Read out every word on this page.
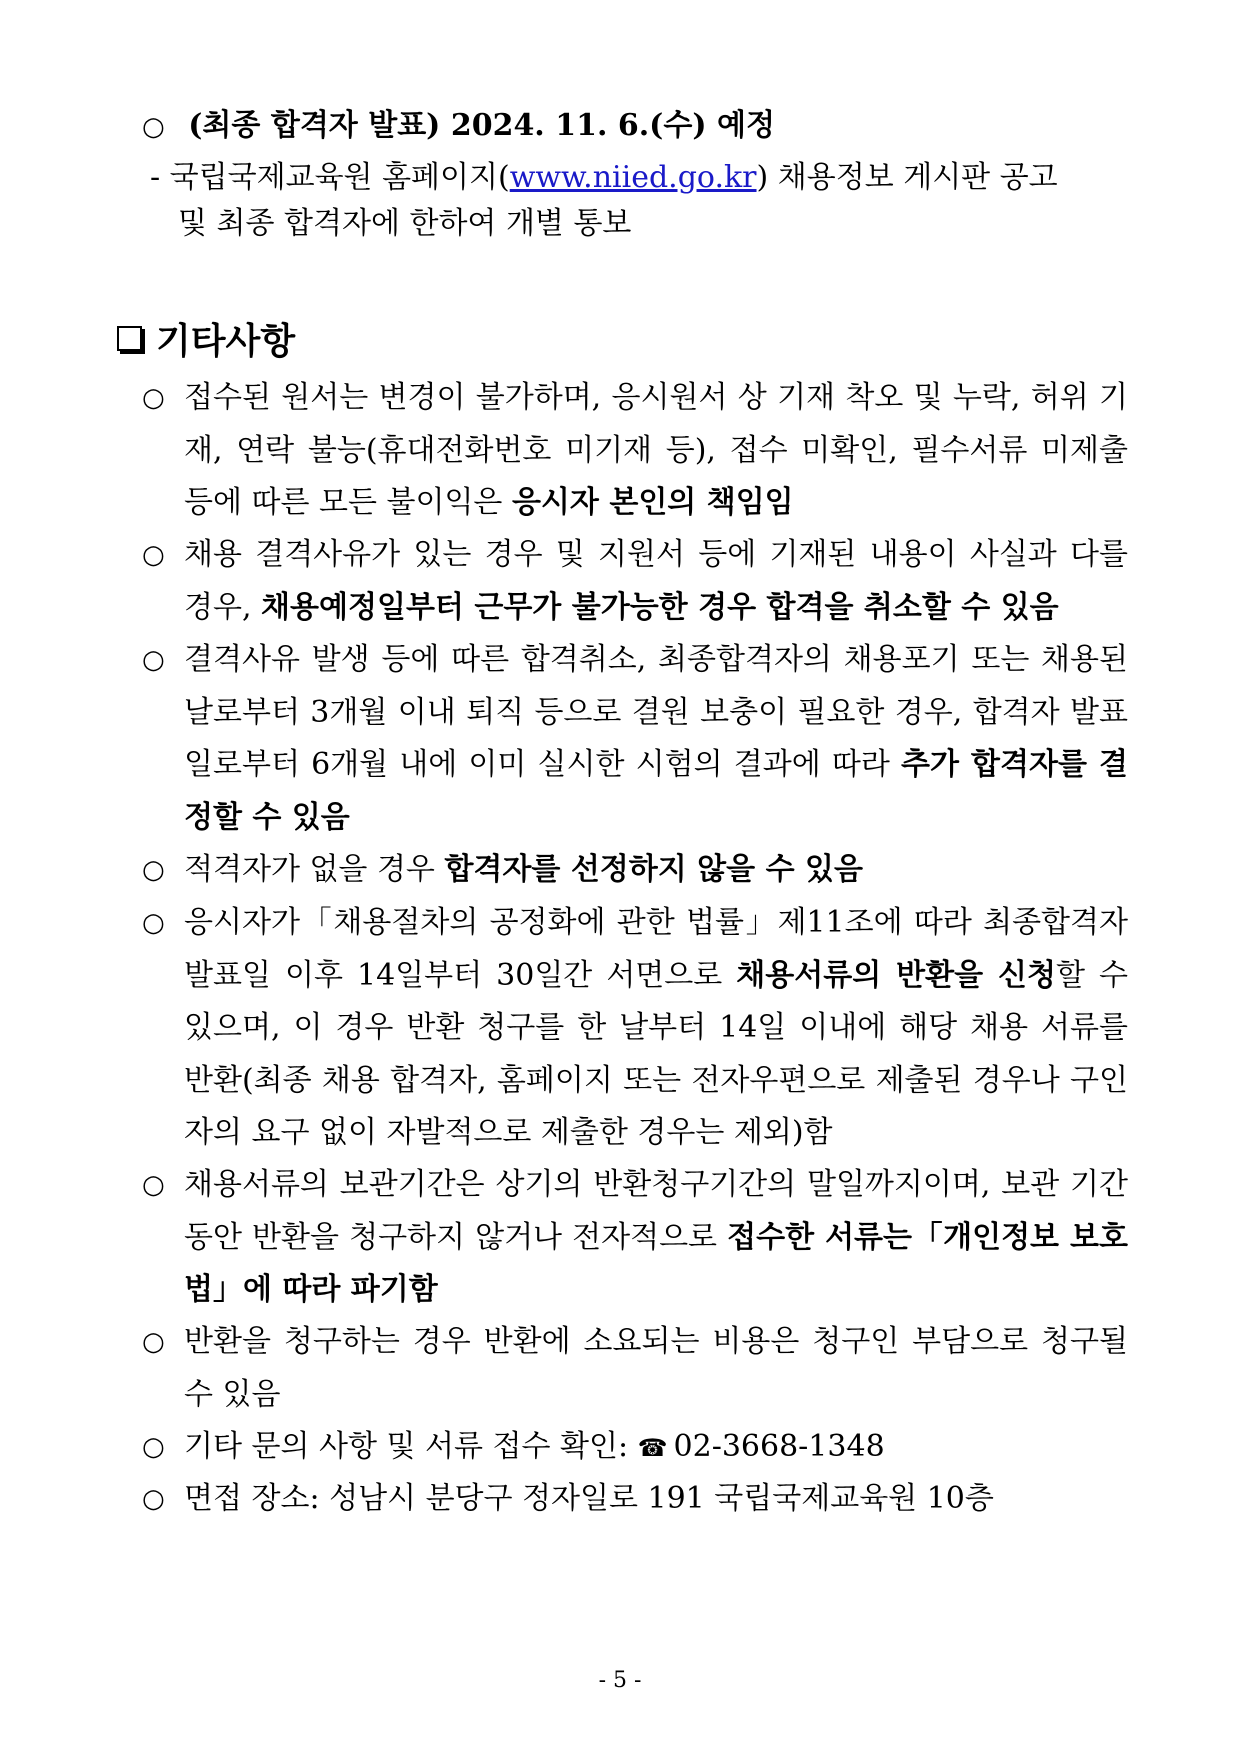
○ (최종 합격자 발표) 2024. 11. 6.(수) 예정
- 국립국제교육원 홈페이지(www.niied.go.kr) 채용정보 게시판 공고
및 최종 합격자에 한하여 개별 통보
기타사항
○ 접수된 원서는 변경이 불가하며, 응시원서 상 기재 착오 및 누락, 허위 기재, 연락 불능(휴대전화번호 미기재 등), 접수 미확인, 필수서류 미제출 등에 따른 모든 불이익은 응시자 본인의 책임임
○ 채용 결격사유가 있는 경우 및 지원서 등에 기재된 내용이 사실과 다를 경우, 채용예정일부터 근무가 불가능한 경우 합격을 취소할 수 있음
○ 결격사유 발생 등에 따른 합격취소, 최종합격자의 채용포기 또는 채용된 날로부터 3개월 이내 퇴직 등으로 결원 보충이 필요한 경우, 합격자 발표일로부터 6개월 내에 이미 실시한 시험의 결과에 따라 추가 합격자를 결정할 수 있음
○ 적격자가 없을 경우 합격자를 선정하지 않을 수 있음
○ 응시자가「채용절차의 공정화에 관한 법률」제11조에 따라 최종합격자 발표일 이후 14일부터 30일간 서면으로 채용서류의 반환을 신청할 수 있으며, 이 경우 반환 청구를 한 날부터 14일 이내에 해당 채용 서류를 반환(최종 채용 합격자, 홈페이지 또는 전자우편으로 제출된 경우나 구인자의 요구 없이 자발적으로 제출한 경우는 제외)함
○ 채용서류의 보관기간은 상기의 반환청구기간의 말일까지이며, 보관 기간동안 반환을 청구하지 않거나 전자적으로 접수한 서류는「개인정보 보호법」에 따라 파기함
○ 반환을 청구하는 경우 반환에 소요되는 비용은 청구인 부담으로 청구될 수 있음
○ 기타 문의 사항 및 서류 접수 확인: ☎ 02-3668-1348
○ 면접 장소: 성남시 분당구 정자일로 191 국립국제교육원 10층
- 5 -
